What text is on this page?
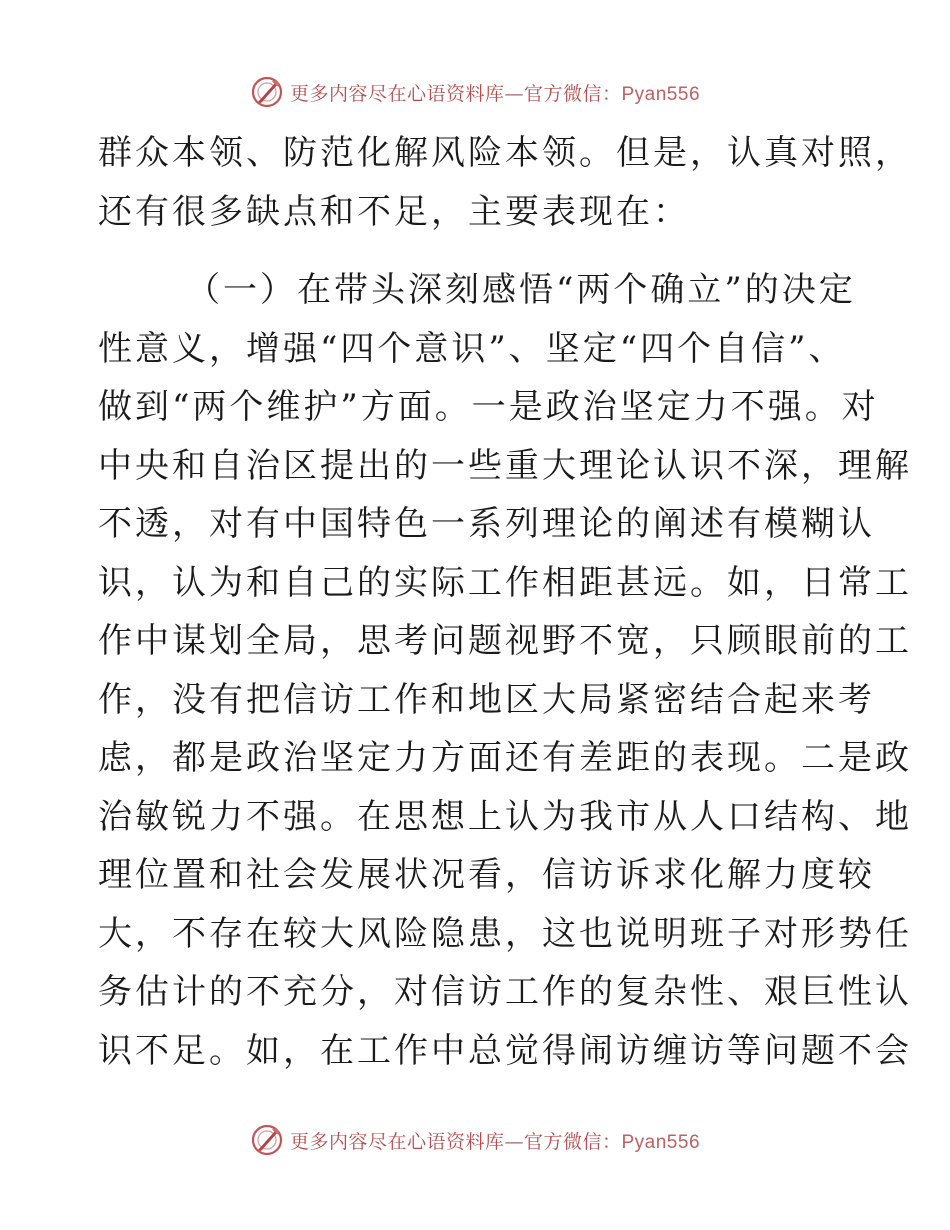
更多内容尽在心语资料库—官方微信：Pyan556
群众本领、防范化解风险本领。但是，认真对照，
还有很多缺点和不足，主要表现在：
（一）在带头深刻感悟“两个确立”的决定
性意义，增强“四个意识”、坚定“四个自信”、
做到“两个维护”方面。一是政治坚定力不强。对
中央和自治区提出的一些重大理论认识不深，理解
不透，对有中国特色一系列理论的阐述有模糊认
识，认为和自己的实际工作相距甚远。如，日常工
作中谋划全局，思考问题视野不宽，只顾眼前的工
作，没有把信访工作和地区大局紧密结合起来考
虑，都是政治坚定力方面还有差距的表现。二是政
治敏锐力不强。在思想上认为我市从人口结构、地
理位置和社会发展状况看，信访诉求化解力度较
大，不存在较大风险隐患，这也说明班子对形势任
务估计的不充分，对信访工作的复杂性、艰巨性认
识不足。如，在工作中总觉得闹访缠访等问题不会
更多内容尽在心语资料库—官方微信：Pyan556
